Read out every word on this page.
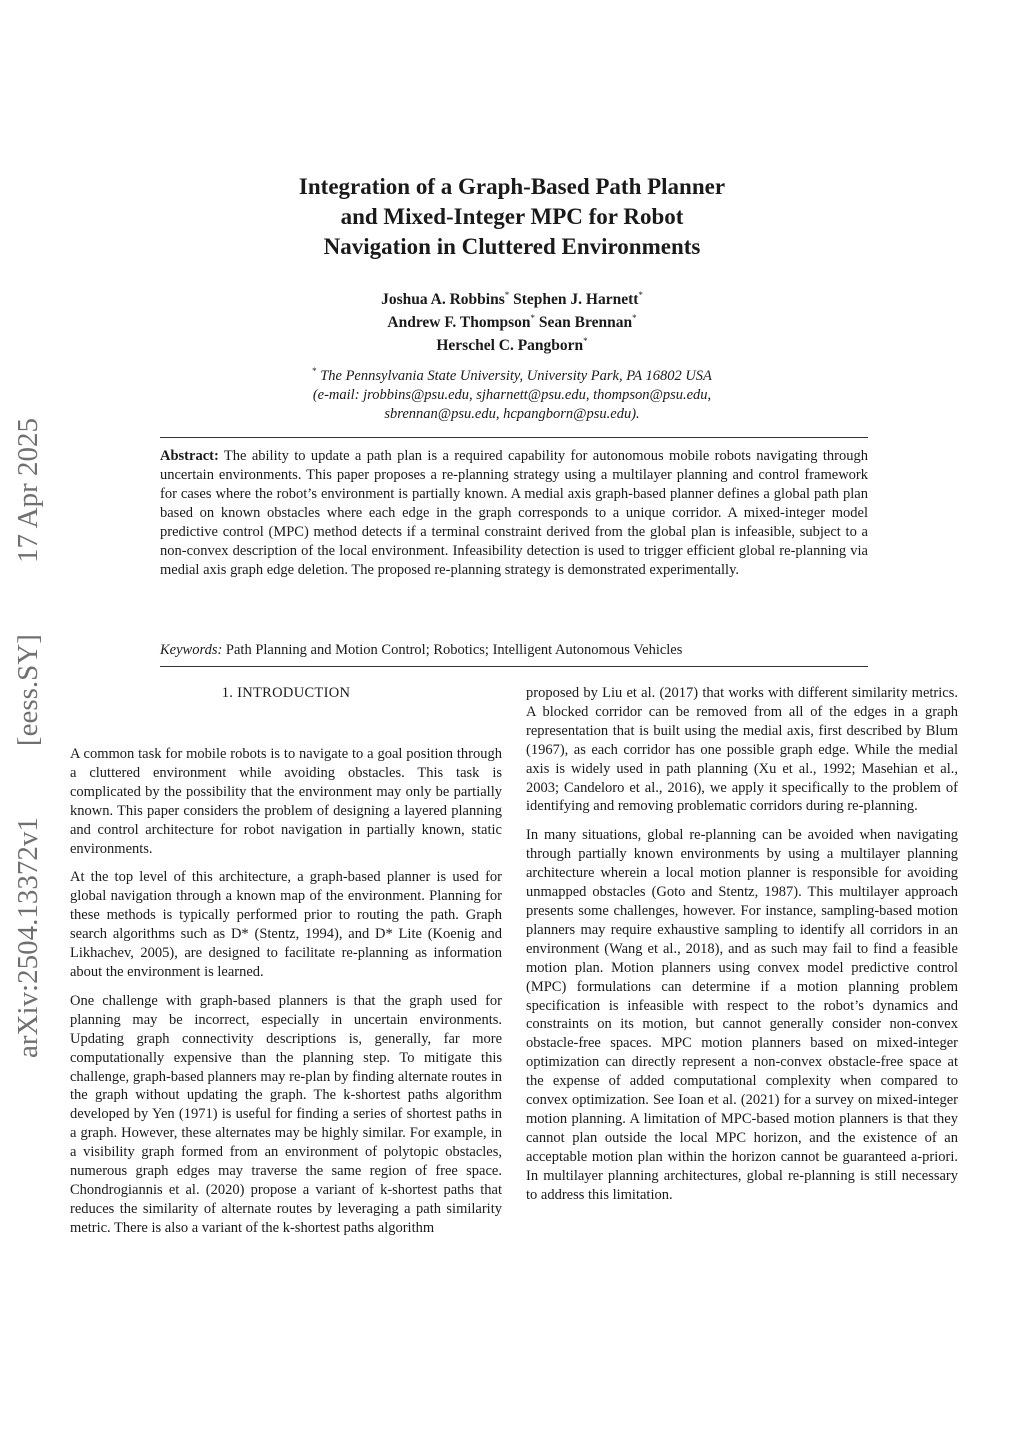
arXiv:2504.13372v1
[eess.SY]
17 Apr 2025
Integration of a Graph-Based Path Planner
and Mixed-Integer MPC for Robot
Navigation in Cluttered Environments
Joshua A. Robbins* Stephen J. Harnett*
Andrew F. Thompson* Sean Brennan*
Herschel C. Pangborn*
* The Pennsylvania State University, University Park, PA 16802 USA
(e-mail: jrobbins@psu.edu, sjharnett@psu.edu, thompson@psu.edu,
sbrennan@psu.edu, hcpangborn@psu.edu).
Abstract: The ability to update a path plan is a required capability for autonomous mobile robots navigating through uncertain environments. This paper proposes a re-planning strategy using a multilayer planning and control framework for cases where the robot’s environment is partially known. A medial axis graph-based planner defines a global path plan based on known obstacles where each edge in the graph corresponds to a unique corridor. A mixed-integer model predictive control (MPC) method detects if a terminal constraint derived from the global plan is infeasible, subject to a non-convex description of the local environment. Infeasibility detection is used to trigger efficient global re-planning via medial axis graph edge deletion. The proposed re-planning strategy is demonstrated experimentally.
Keywords: Path Planning and Motion Control; Robotics; Intelligent Autonomous Vehicles
1. INTRODUCTION

A common task for mobile robots is to navigate to a goal position through a cluttered environment while avoiding obstacles. This task is complicated by the possibility that the environment may only be partially known. This paper considers the problem of designing a layered planning and control architecture for robot navigation in partially known, static environments.

At the top level of this architecture, a graph-based planner is used for global navigation through a known map of the environment. Planning for these methods is typically performed prior to routing the path. Graph search algorithms such as D* (Stentz, 1994), and D* Lite (Koenig and Likhachev, 2005), are designed to facilitate re-planning as information about the environment is learned.

One challenge with graph-based planners is that the graph used for planning may be incorrect, especially in uncertain environments. Updating graph connectivity descriptions is, generally, far more computationally expensive than the planning step. To mitigate this challenge, graph-based planners may re-plan by finding alternate routes in the graph without updating the graph. The k-shortest paths algorithm developed by Yen (1971) is useful for finding a series of shortest paths in a graph. However, these alternates may be highly similar. For example, in a visibility graph formed from an environment of polytopic obstacles, numerous graph edges may traverse the same region of free space. Chondrogiannis et al. (2020) propose a variant of k-shortest paths that reduces the similarity of alternate routes by leveraging a path similarity metric. There is also a variant of the k-shortest paths algorithm

proposed by Liu et al. (2017) that works with different similarity metrics. A blocked corridor can be removed from all of the edges in a graph representation that is built using the medial axis, first described by Blum (1967), as each corridor has one possible graph edge. While the medial axis is widely used in path planning (Xu et al., 1992; Masehian et al., 2003; Candeloro et al., 2016), we apply it specifically to the problem of identifying and removing problematic corridors during re-planning.

In many situations, global re-planning can be avoided when navigating through partially known environments by using a multilayer planning architecture wherein a local motion planner is responsible for avoiding unmapped obstacles (Goto and Stentz, 1987). This multilayer approach presents some challenges, however. For instance, sampling-based motion planners may require exhaustive sampling to identify all corridors in an environment (Wang et al., 2018), and as such may fail to find a feasible motion plan. Motion planners using convex model predictive control (MPC) formulations can determine if a motion planning problem specification is infeasible with respect to the robot’s dynamics and constraints on its motion, but cannot generally consider non-convex obstacle-free spaces. MPC motion planners based on mixed-integer optimization can directly represent a non-convex obstacle-free space at the expense of added computational complexity when compared to convex optimization. See Ioan et al. (2021) for a survey on mixed-integer motion planning. A limitation of MPC-based motion planners is that they cannot plan outside the local MPC horizon, and the existence of an acceptable motion plan within the horizon cannot be guaranteed a-priori. In multilayer planning architectures, global re-planning is still necessary to address this limitation.
